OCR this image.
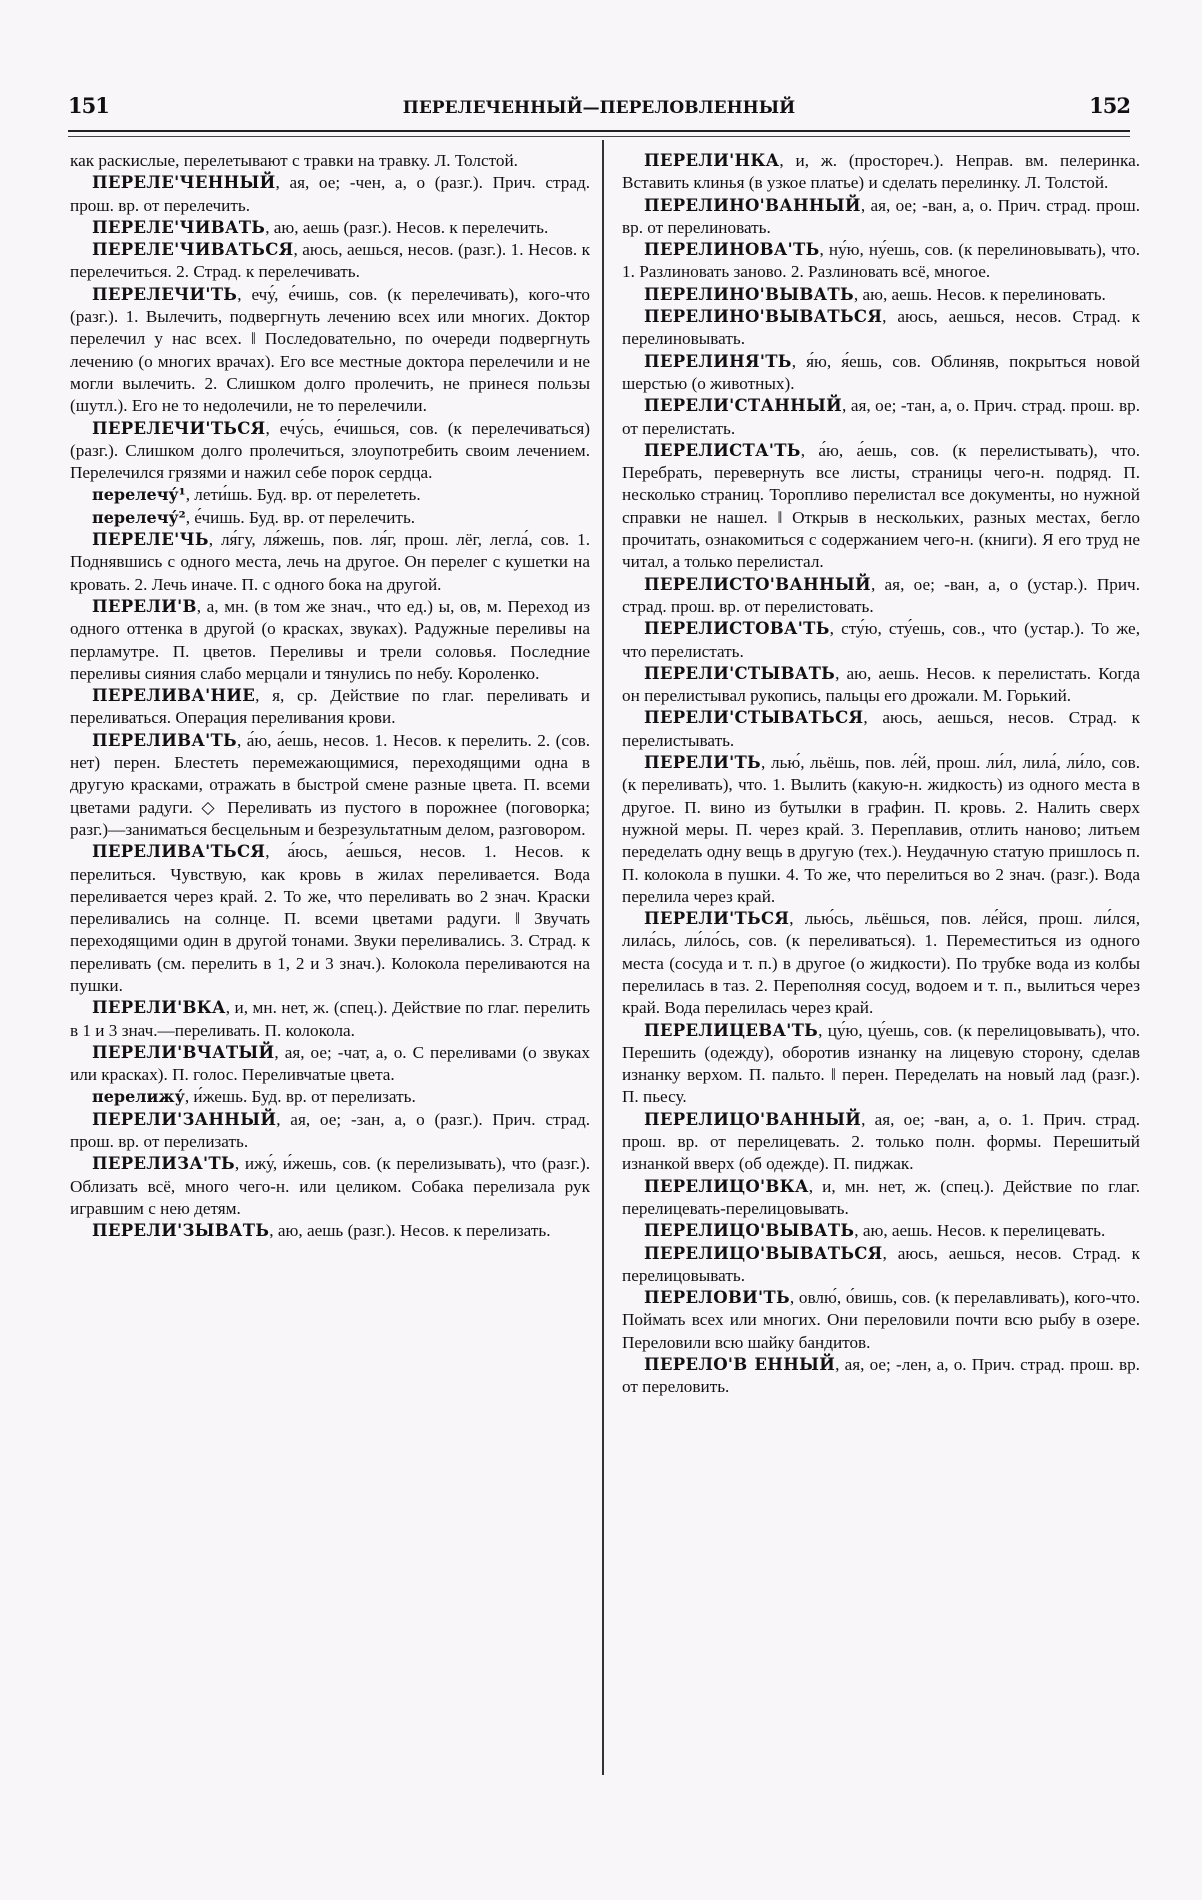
151	ПЕРЕЛЕЧЕННЫЙ—ПЕРЕЛОВЛЕННЫЙ	152

как раскислые, перелетывают с травки на травку. Л. Толстой.

ПЕРЕЛЕ'ЧЕННЫЙ, ая, ое; -чен, а, о (разг.). Прич. страд. прош. вр. от перелечить.

ПЕРЕЛЕ'ЧИВАТЬ, аю, аешь (разг.). Несов. к перелечить.

ПЕРЕЛЕ'ЧИВАТЬСЯ, аюсь, аешься, несов. (разг.). 1. Несов. к перелечиться. 2. Страд. к перелечивать.

ПЕРЕЛЕЧИ'ТЬ, ечу́, е́чишь, сов. (к перелечивать), кого-что (разг.). 1. Вылечить, подвергнуть лечению всех или многих. Доктор перелечил у нас всех. ‖ Последовательно, по очереди подвергнуть лечению (о многих врачах). Его все местные доктора перелечили и не могли вылечить. 2. Слишком долго пролечить, не принеся пользы (шутл.). Его не то недолечили, не то перелечили.

ПЕРЕЛЕЧИ'ТЬСЯ, ечу́сь, е́чишься, сов. (к перелечиваться) (разг.). Слишком долго пролечиться, злоупотребить своим лечением. Перелечился грязями и нажил себе порок сердца.

перелечу́¹, лети́шь. Буд. вр. от перелететь.

перелечу́², е́чишь. Буд. вр. от перелечить.

ПЕРЕЛЕ'ЧЬ, ля́гу, ля́жешь, пов. ля́г, прош. лёг, легла́, сов. 1. Поднявшись с одного места, лечь на другое. Он перелег с кушетки на кровать. 2. Лечь иначе. П. с одного бока на другой.

ПЕРЕЛИ'В, а, мн. (в том же знач., что ед.) ы, ов, м. Переход из одного оттенка в другой (о красках, звуках). Радужные переливы на перламутре. П. цветов. Переливы и трели соловья. Последние переливы сияния слабо мерцали и тянулись по небу. Короленко.

ПЕРЕЛИВА'НИЕ, я, ср. Действие по глаг. переливать и переливаться. Операция переливания крови.

ПЕРЕЛИВА'ТЬ, а́ю, а́ешь, несов. 1. Несов. к перелить. 2. (сов. нет) перен. Блестеть перемежающимися, переходящими одна в другую красками, отражать в быстрой смене разные цвета. П. всеми цветами радуги. ◇ Переливать из пустого в порожнее (поговорка; разг.)—заниматься бесцельным и безрезультатным делом, разговором.

ПЕРЕЛИВА'ТЬСЯ, а́юсь, а́ешься, несов. 1. Несов. к перелиться. Чувствую, как кровь в жилах переливается. Вода переливается через край. 2. То же, что переливать во 2 знач. Краски переливались на солнце. П. всеми цветами радуги. ‖ Звучать переходящими один в другой тонами. Звуки переливались. 3. Страд. к переливать (см. перелить в 1, 2 и 3 знач.). Колокола переливаются на пушки.

ПЕРЕЛИ'ВКА, и, мн. нет, ж. (спец.). Действие по глаг. перелить в 1 и 3 знач.—переливать. П. колокола.

ПЕРЕЛИ'ВЧАТЫЙ, ая, ое; -чат, а, о. С переливами (о звуках или красках). П. голос. Переливчатые цвета.

перелижу́, и́жешь. Буд. вр. от перелизать.

ПЕРЕЛИ'ЗАННЫЙ, ая, ое; -зан, а, о (разг.). Прич. страд. прош. вр. от перелизать.

ПЕРЕЛИЗА'ТЬ, ижу́, и́жешь, сов. (к перелизывать), что (разг.). Облизать всё, много чего-н. или целиком. Собака перелизала рук игравшим с нею детям.

ПЕРЕЛИ'ЗЫВАТЬ, аю, аешь (разг.). Несов. к перелизать.

ПЕРЕЛИ'НКА, и, ж. (простореч.). Неправ. вм. пелеринка. Вставить клинья (в узкое платье) и сделать перелинку. Л. Толстой.

ПЕРЕЛИНО'ВАННЫЙ, ая, ое; -ван, а, о. Прич. страд. прош. вр. от перелиновать.

ПЕРЕЛИНОВА'ТЬ, ну́ю, ну́ешь, сов. (к перелиновывать), что. 1. Разлиновать заново. 2. Разлиновать всё, многое.

ПЕРЕЛИНО'ВЫВАТЬ, аю, аешь. Несов. к перелиновать.

ПЕРЕЛИНО'ВЫВАТЬСЯ, аюсь, аешься, несов. Страд. к перелиновывать.

ПЕРЕЛИНЯ'ТЬ, я́ю, я́ешь, сов. Облиняв, покрыться новой шерстью (о животных).

ПЕРЕЛИ'СТАННЫЙ, ая, ое; -тан, а, о. Прич. страд. прош. вр. от перелистать.

ПЕРЕЛИСТА'ТЬ, а́ю, а́ешь, сов. (к перелистывать), что. Перебрать, перевернуть все листы, страницы чего-н. подряд. П. несколько страниц. Торопливо перелистал все документы, но нужной справки не нашел. ‖ Открыв в нескольких, разных местах, бегло прочитать, ознакомиться с содержанием чего-н. (книги). Я его труд не читал, а только перелистал.

ПЕРЕЛИСТО'ВАННЫЙ, ая, ое; -ван, а, о (устар.). Прич. страд. прош. вр. от перелистовать.

ПЕРЕЛИСТОВА'ТЬ, сту́ю, сту́ешь, сов., что (устар.). То же, что перелистать.

ПЕРЕЛИ'СТЫВАТЬ, аю, аешь. Несов. к перелистать. Когда он перелистывал рукопись, пальцы его дрожали. М. Горький.

ПЕРЕЛИ'СТЫВАТЬСЯ, аюсь, аешься, несов. Страд. к перелистывать.

ПЕРЕЛИ'ТЬ, лью́, льёшь, пов. ле́й, прош. ли́л, лила́, ли́ло, сов. (к переливать), что. 1. Вылить (какую-н. жидкость) из одного места в другое. П. вино из бутылки в графин. П. кровь. 2. Налить сверх нужной меры. П. через край. 3. Переплавив, отлить наново; литьем переделать одну вещь в другую (тех.). Неудачную статую пришлось п. П. колокола в пушки. 4. То же, что перелиться во 2 знач. (разг.). Вода перелила через край.

ПЕРЕЛИ'ТЬСЯ, лью́сь, льёшься, пов. ле́йся, прош. ли́лся, лила́сь, ли́ло́сь, сов. (к переливаться). 1. Переместиться из одного места (сосуда и т. п.) в другое (о жидкости). По трубке вода из колбы перелилась в таз. 2. Переполняя сосуд, водоем и т. п., вылиться через край. Вода перелилась через край.

ПЕРЕЛИЦЕВА'ТЬ, цу́ю, цу́ешь, сов. (к перелицовывать), что. Перешить (одежду), оборотив изнанку на лицевую сторону, сделав изнанку верхом. П. пальто. ‖ перен. Переделать на новый лад (разг.). П. пьесу.

ПЕРЕЛИЦО'ВАННЫЙ, ая, ое; -ван, а, о. 1. Прич. страд. прош. вр. от перелицевать. 2. только полн. формы. Перешитый изнанкой вверх (об одежде). П. пиджак.

ПЕРЕЛИЦО'ВКА, и, мн. нет, ж. (спец.). Действие по глаг. перелицевать-перелицовывать.

ПЕРЕЛИЦО'ВЫВАТЬ, аю, аешь. Несов. к перелицевать.

ПЕРЕЛИЦО'ВЫВАТЬСЯ, аюсь, аешься, несов. Страд. к перелицовывать.

ПЕРЕЛОВИ'ТЬ, овлю́, о́вишь, сов. (к перелавливать), кого-что. Поймать всех или многих. Они переловили почти всю рыбу в озере. Переловили всю шайку бандитов.

ПЕРЕЛО'В ЕННЫЙ, ая, ое; -лен, а, о. Прич. страд. прош. вр. от переловить.
